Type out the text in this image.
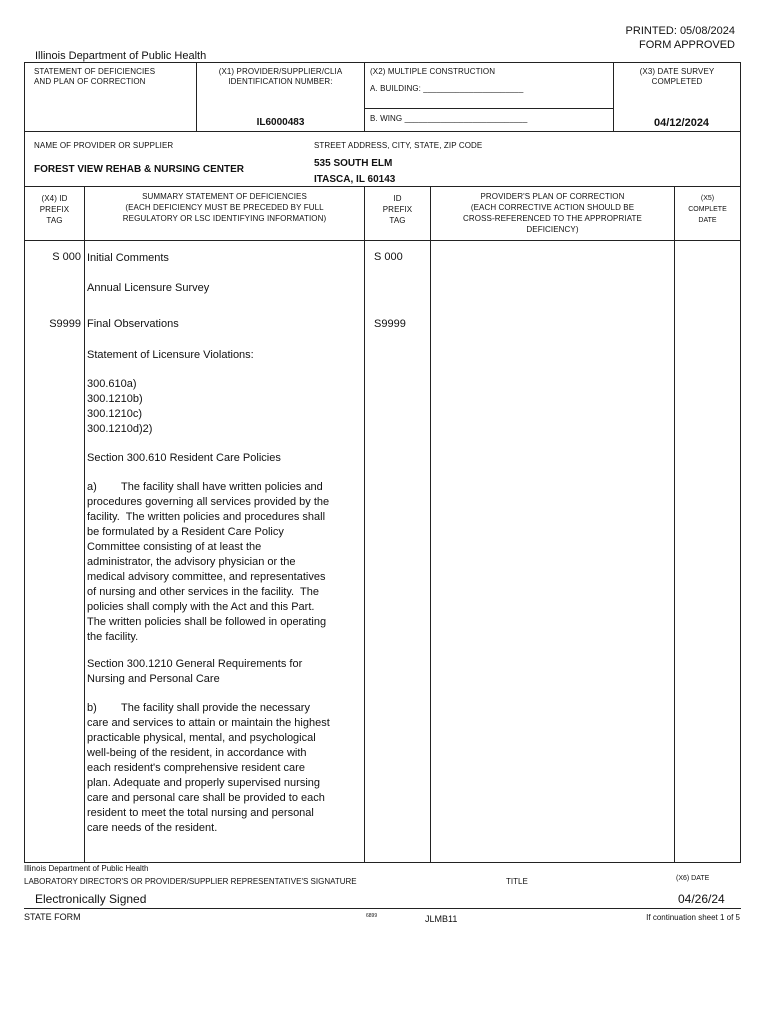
PRINTED: 05/08/2024
FORM APPROVED
Illinois Department of Public Health
STATEMENT OF DEFICIENCIES
AND PLAN OF CORRECTION
(X1) PROVIDER/SUPPLIER/CLIA
IDENTIFICATION NUMBER:
IL6000483
(X2) MULTIPLE CONSTRUCTION
A. BUILDING: ______________________
B. WING ___________________________
(X3) DATE SURVEY
COMPLETED
04/12/2024
NAME OF PROVIDER OR SUPPLIER
FOREST VIEW REHAB & NURSING CENTER
STREET ADDRESS, CITY, STATE, ZIP CODE
535 SOUTH ELM
ITASCA, IL 60143
(X4) ID
PREFIX
TAG
SUMMARY STATEMENT OF DEFICIENCIES
(EACH DEFICIENCY MUST BE PRECEDED BY FULL
REGULATORY OR LSC IDENTIFYING INFORMATION)
ID
PREFIX
TAG
PROVIDER'S PLAN OF CORRECTION
(EACH CORRECTIVE ACTION SHOULD BE
CROSS-REFERENCED TO THE APPROPRIATE
DEFICIENCY)
(X5)
COMPLETE
DATE
S 000	S 000
Initial Comments
Annual Licensure Survey
S9999	S9999
Final Observations
Statement of Licensure Violations:
300.610a)
300.1210b)
300.1210c)
300.1210d)2)
Section 300.610 Resident Care Policies
a)        The facility shall have written policies and
procedures governing all services provided by the
facility.  The written policies and procedures shall
be formulated by a Resident Care Policy
Committee consisting of at least the
administrator, the advisory physician or the
medical advisory committee, and representatives
of nursing and other services in the facility.  The
policies shall comply with the Act and this Part.
The written policies shall be followed in operating
the facility.
Section 300.1210 General Requirements for
Nursing and Personal Care
b)        The facility shall provide the necessary
care and services to attain or maintain the highest
practicable physical, mental, and psychological
well-being of the resident, in accordance with
each resident's comprehensive resident care
plan. Adequate and properly supervised nursing
care and personal care shall be provided to each
resident to meet the total nursing and personal
care needs of the resident.
Illinois Department of Public Health
LABORATORY DIRECTOR'S OR PROVIDER/SUPPLIER REPRESENTATIVE'S SIGNATURE	TITLE	(X6) DATE
Electronically Signed	04/26/24
STATE FORM	6899	JLMB11	If continuation sheet 1 of 5
